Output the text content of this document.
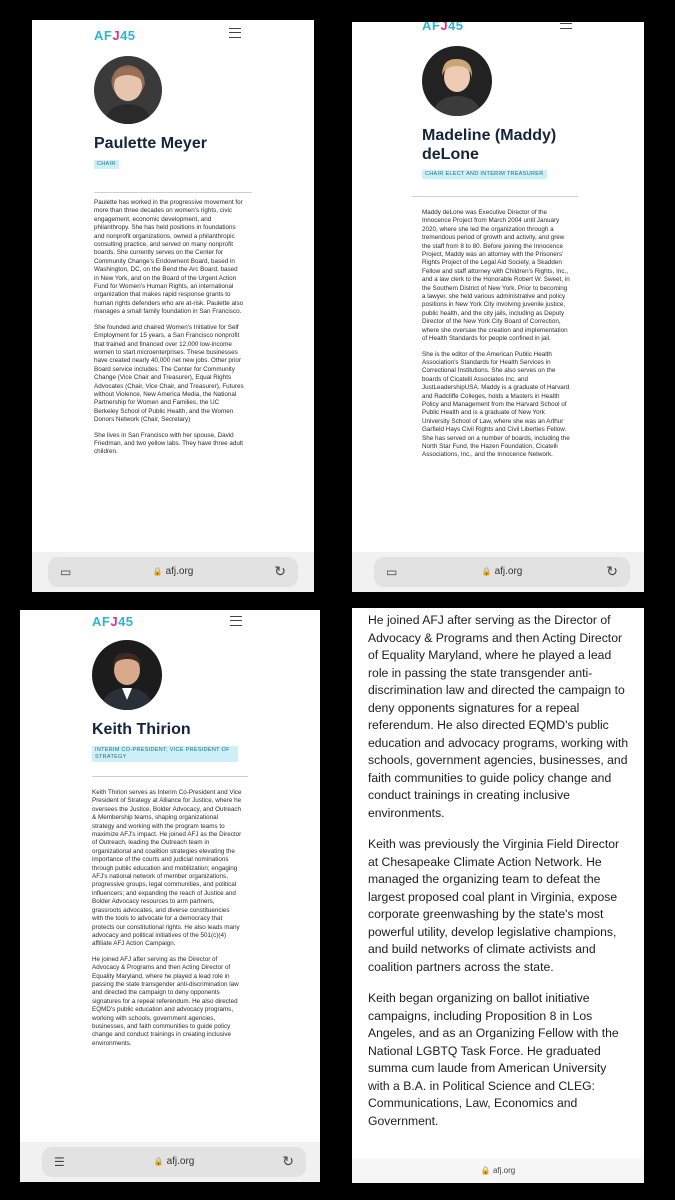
AFJ45
Paulette Meyer
CHAIR

Paulette has worked in the progressive movement for more than three decades on women's rights, civic engagement, economic development, and philanthropy. She has held positions in foundations and nonprofit organizations, owned a philanthropic consulting practice, and served on many nonprofit boards. She currently serves on the Center for Community Change's Endowment Board, based in Washington, DC, on the Bend the Arc Board, based in New York, and on the Board of the Urgent Action Fund for Women's Human Rights, an international organization that makes rapid response grants to human rights defenders who are at-risk. Paulette also manages a small family foundation in San Francisco.

She founded and chaired Women's Initiative for Self Employment for 15 years, a San Francisco nonprofit that trained and financed over 12,000 low-income women to start microenterprises. These businesses have created nearly 40,000 net new jobs. Other prior Board service includes: The Center for Community Change (Vice Chair and Treasurer), Equal Rights Advocates (Chair, Vice Chair, and Treasurer), Futures without Violence, New America Media, the National Partnership for Women and Families, the UC Berkeley School of Public Health, and the Women Donors Network (Chair, Secretary)

She lives in San Francisco with her spouse, David Friedman, and two yellow labs. They have three adult children.

▭	🔒 afj.org	↻
AFJ45
Madeline (Maddy) deLone
CHAIR ELECT AND INTERIM TREASURER

Maddy deLone was Executive Director of the Innocence Project from March 2004 until January 2020, where she led the organization through a tremendous period of growth and activity, and grew the staff from 8 to 80. Before joining the Innocence Project, Maddy was an attorney with the Prisoners' Rights Project of the Legal Aid Society, a Skadden Fellow and staff attorney with Children's Rights, Inc., and a law clerk to the Honorable Robert W. Sweet, in the Southern District of New York. Prior to becoming a lawyer, she held various administrative and policy positions in New York City involving juvenile justice, public health, and the city jails, including as Deputy Director of the New York City Board of Correction, where she oversaw the creation and implementation of Health Standards for people confined in jail.

She is the editor of the American Public Health Association's Standards for Health Services in Correctional Institutions. She also serves on the boards of Cicatelli Associates Inc. and JustLeadershipUSA. Maddy is a graduate of Harvard and Radcliffe Colleges, holds a Masters in Health Policy and Management from the Harvard School of Public Health and is a graduate of New York University School of Law, where she was an Arthur Garfield Hays Civil Rights and Civil Liberties Fellow. She has served on a number of boards, including the North Star Fund, the Hazen Foundation, Cicatelli Associations, Inc., and the Innocence Network.

▭	🔒 afj.org	↻
AFJ45
Keith Thirion
INTERIM CO-PRESIDENT, VICE PRESIDENT OF STRATEGY

Keith Thirion serves as Interim Co-President and Vice President of Strategy at Alliance for Justice, where he oversees the Justice, Bolder Advocacy, and Outreach & Membership teams, shaping organizational strategy and working with the program teams to maximize AFJ's impact. He joined AFJ as the Director of Outreach, leading the Outreach team in organizational and coalition strategies elevating the importance of the courts and judicial nominations through public education and mobilization; engaging AFJ's national network of member organizations, progressive groups, legal communities, and political influencers; and expanding the reach of Justice and Bolder Advocacy resources to arm partners, grassroots advocates, and diverse constituencies with the tools to advocate for a democracy that protects our constitutional rights. He also leads many advocacy and political initiatives of the 501(c)(4) affiliate AFJ Action Campaign.

He joined AFJ after serving as the Director of Advocacy & Programs and then Acting Director of Equality Maryland, where he played a lead role in passing the state transgender anti-discrimination law and directed the campaign to deny opponents signatures for a repeal referendum. He also directed EQMD's public education and advocacy programs, working with schools, government agencies, businesses, and faith communities to guide policy change and conduct trainings in creating inclusive environments.

☰	🔒 afj.org	↻

He joined AFJ after serving as the Director of Advocacy & Programs and then Acting Director of Equality Maryland, where he played a lead role in passing the state transgender anti-discrimination law and directed the campaign to deny opponents signatures for a repeal referendum. He also directed EQMD's public education and advocacy programs, working with schools, government agencies, businesses, and faith communities to guide policy change and conduct trainings in creating inclusive environments.

Keith was previously the Virginia Field Director at Chesapeake Climate Action Network. He managed the organizing team to defeat the largest proposed coal plant in Virginia, expose corporate greenwashing by the state's most powerful utility, develop legislative champions, and build networks of climate activists and coalition partners across the state.

Keith began organizing on ballot initiative campaigns, including Proposition 8 in Los Angeles, and as an Organizing Fellow with the National LGBTQ Task Force. He graduated summa cum laude from American University with a B.A. in Political Science and CLEG: Communications, Law, Economics and Government.

🔒 afj.org
